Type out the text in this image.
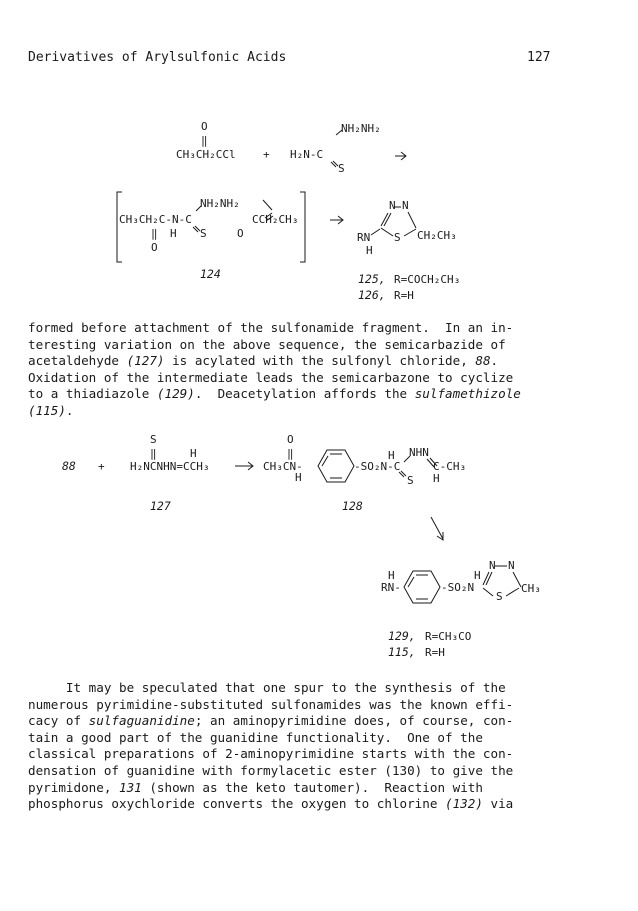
Derivatives of Arylsulfonic Acids	127
O
‖
CH₃CH₂CCl +
NH₂NH₂
H₂N-C
S
NH₂NH₂
CH₃CH₂C-N-C	CCH₂CH₃
‖ H S	O
O
N N
RN S CH₂CH₃
H
124	125, R=COCH₂CH₃
126, R=H
S
‖	H
H₂NCNHN=CCH₃
88 +
O
‖
CH₃CN-
H
-SO₂N-C
H NHN
C-CH₃
S H
127	128
H
RN-	-SO₂N
H
N N
S
CH₃
129, R=CH₃CO
115, R=H
formed before attachment of the sulfonamide fragment.  In an in-
teresting variation on the above sequence, the semicarbazide of
acetaldehyde (127) is acylated with the sulfonyl chloride, 88.
Oxidation of the intermediate leads the semicarbazone to cyclize
to a thiadiazole (129).  Deacetylation affords the sulfamethizole
(115).
It may be speculated that one spur to the synthesis of the
numerous pyrimidine-substituted sulfonamides was the known effi-
cacy of sulfaguanidine; an aminopyrimidine does, of course, con-
tain a good part of the guanidine functionality.  One of the
classical preparations of 2-aminopyrimidine starts with the con-
densation of guanidine with formylacetic ester (130) to give the
pyrimidone, 131 (shown as the keto tautomer).  Reaction with
phosphorus oxychloride converts the oxygen to chlorine (132) via
